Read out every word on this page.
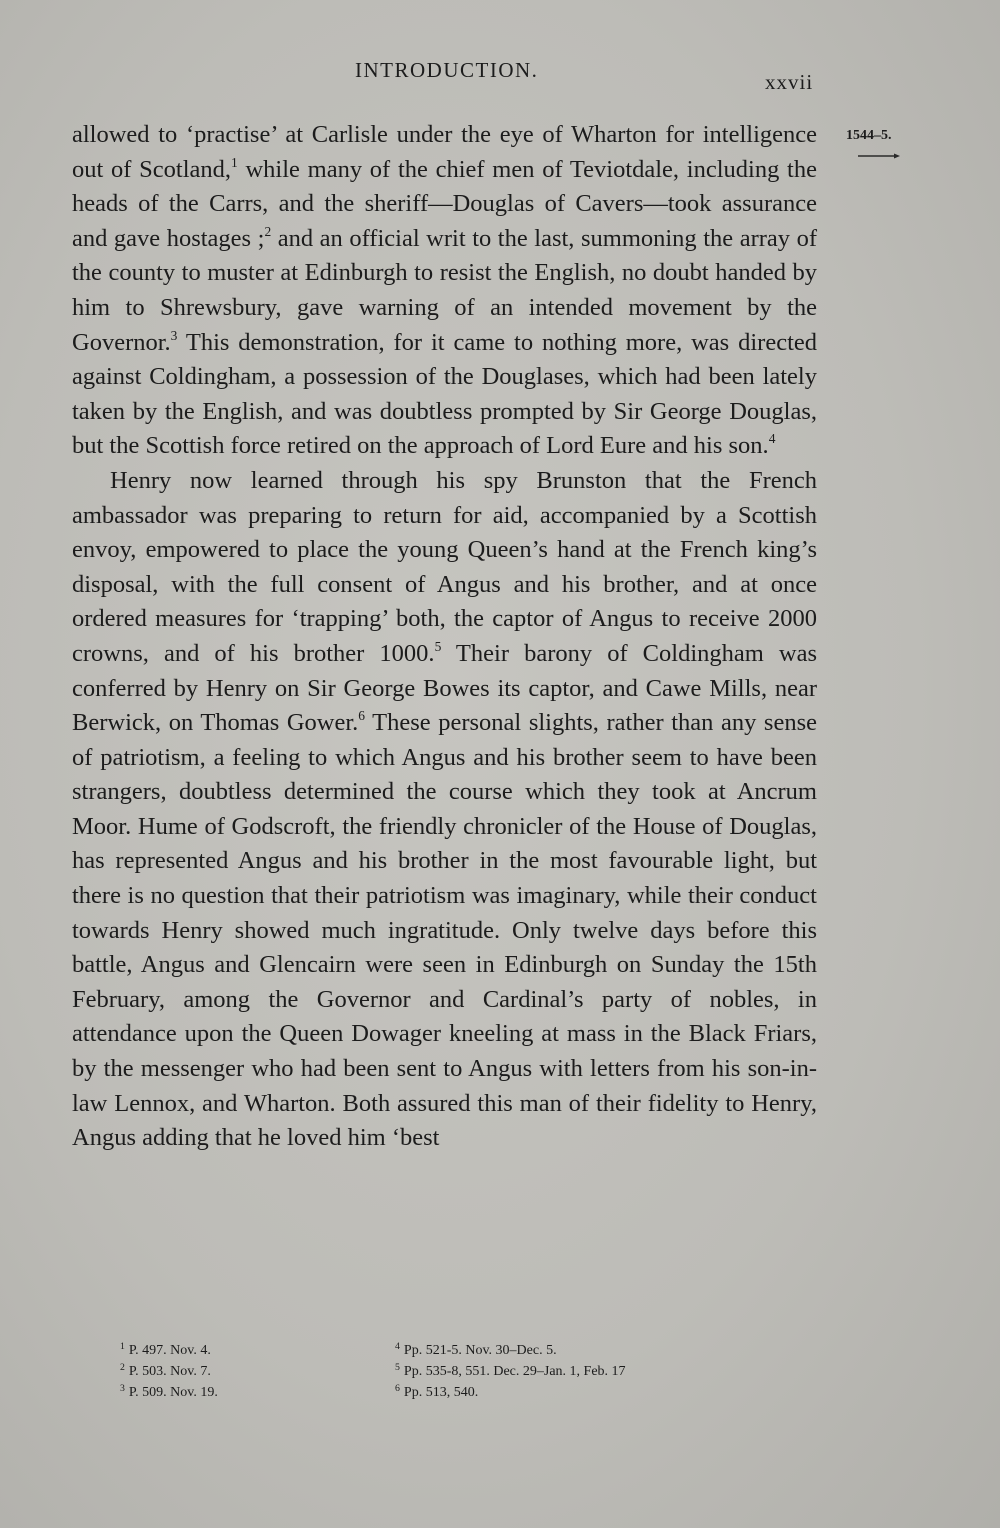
INTRODUCTION.	xxvii
1544–5.

allowed to ‘practise’ at Carlisle under the eye of Wharton for intelligence out of Scotland,$^1$ while many of the chief men of Teviotdale, including the heads of the Carrs, and the sheriff—Douglas of Cavers—took assurance and gave hostages ;$^2$ and an official writ to the last, summoning the array of the county to muster at Edinburgh to resist the English, no doubt handed by him to Shrewsbury, gave warning of an intended movement by the Governor.$^3$ This demonstration, for it came to nothing more, was directed against Coldingham, a possession of the Douglases, which had been lately taken by the English, and was doubtless prompted by Sir George Douglas, but the Scottish force retired on the approach of Lord Eure and his son.$^4$

Henry now learned through his spy Brunston that the French ambassador was preparing to return for aid, accompanied by a Scottish envoy, empowered to place the young Queen’s hand at the French king’s disposal, with the full consent of Angus and his brother, and at once ordered measures for ‘trapping’ both, the captor of Angus to receive 2000 crowns, and of his brother 1000.$^5$ Their barony of Coldingham was conferred by Henry on Sir George Bowes its captor, and Cawe Mills, near Berwick, on Thomas Gower.$^6$ These personal slights, rather than any sense of patriotism, a feeling to which Angus and his brother seem to have been strangers, doubtless determined the course which they took at Ancrum Moor. Hume of Godscroft, the friendly chronicler of the House of Douglas, has represented Angus and his brother in the most favourable light, but there is no question that their patriotism was imaginary, while their conduct towards Henry showed much ingratitude. Only twelve days before this battle, Angus and Glencairn were seen in Edinburgh on Sunday the 15th February, among the Governor and Cardinal’s party of nobles, in attendance upon the Queen Dowager kneeling at mass in the Black Friars, by the messenger who had been sent to Angus with letters from his son-in-law Lennox, and Wharton. Both assured this man of their fidelity to Henry, Angus adding that he loved him ‘best

$^1$ P. 497. Nov. 4.	$^4$ Pp. 521-5. Nov. 30–Dec. 5.
$^2$ P. 503. Nov. 7.	$^5$ Pp. 535-8, 551. Dec. 29–Jan. 1, Feb. 17
$^3$ P. 509. Nov. 19.	$^6$ Pp. 513, 540.
